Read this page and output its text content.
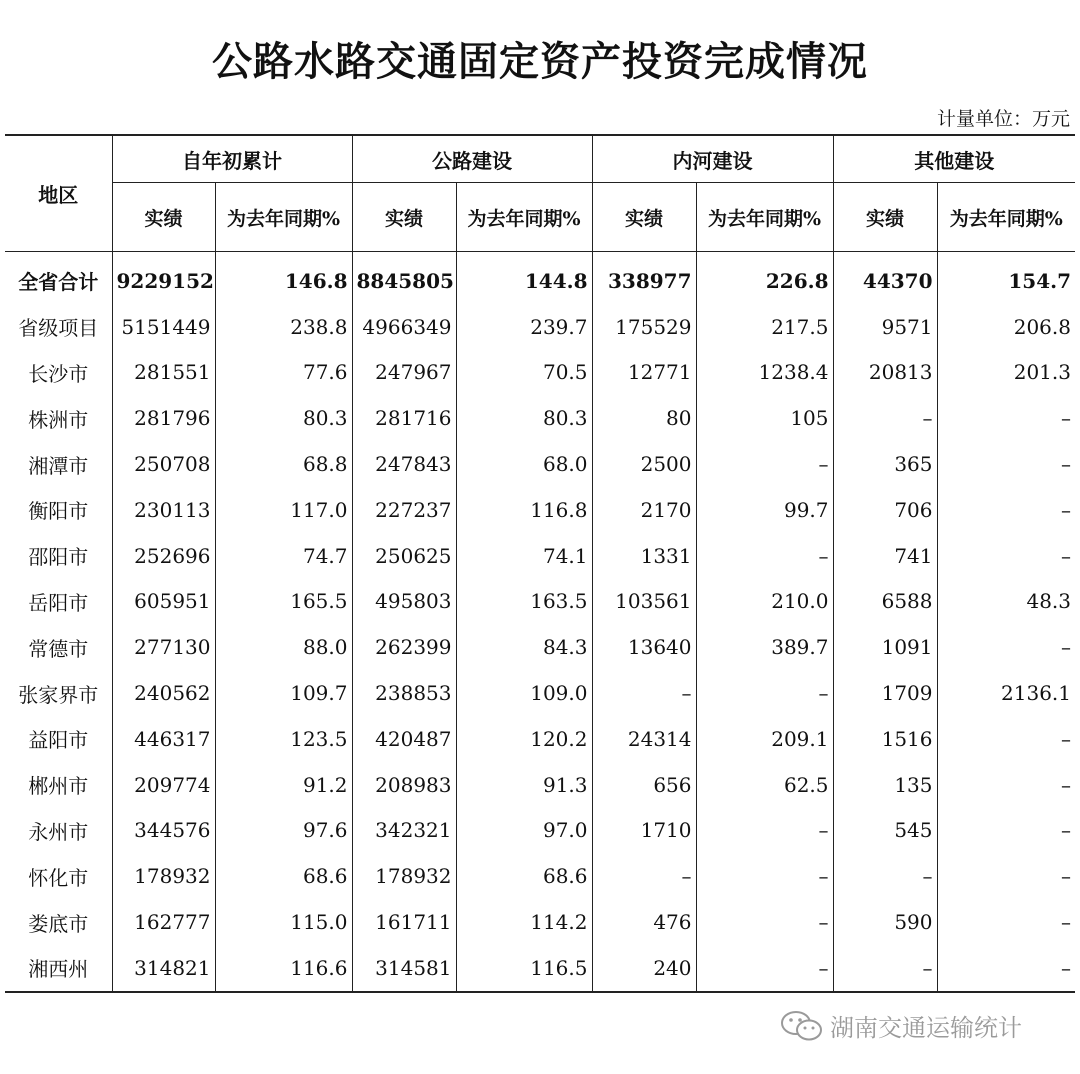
公路水路交通固定资产投资完成情况
计量单位：万元
地区	自年初累计		公路建设		内河建设		其他建设	
	实绩	为去年同期%	实绩	为去年同期%	实绩	为去年同期%	实绩	为去年同期%
全省合计	9229152	146.8	8845805	144.8	338977	226.8	44370	154.7
省级项目	5151449	238.8	4966349	239.7	175529	217.5	9571	206.8
长沙市	281551	77.6	247967	70.5	12771	1238.4	20813	201.3
株洲市	281796	80.3	281716	80.3	80	105	–	–
湘潭市	250708	68.8	247843	68.0	2500	–	365	–
衡阳市	230113	117.0	227237	116.8	2170	99.7	706	–
邵阳市	252696	74.7	250625	74.1	1331	–	741	–
岳阳市	605951	165.5	495803	163.5	103561	210.0	6588	48.3
常德市	277130	88.0	262399	84.3	13640	389.7	1091	–
张家界市	240562	109.7	238853	109.0	–	–	1709	2136.1
益阳市	446317	123.5	420487	120.2	24314	209.1	1516	–
郴州市	209774	91.2	208983	91.3	656	62.5	135	–
永州市	344576	97.6	342321	97.0	1710	–	545	–
怀化市	178932	68.6	178932	68.6	–	–	–	–
娄底市	162777	115.0	161711	114.2	476	–	590	–
湘西州	314821	116.6	314581	116.5	240	–	–	–
湖南交通运输统计
